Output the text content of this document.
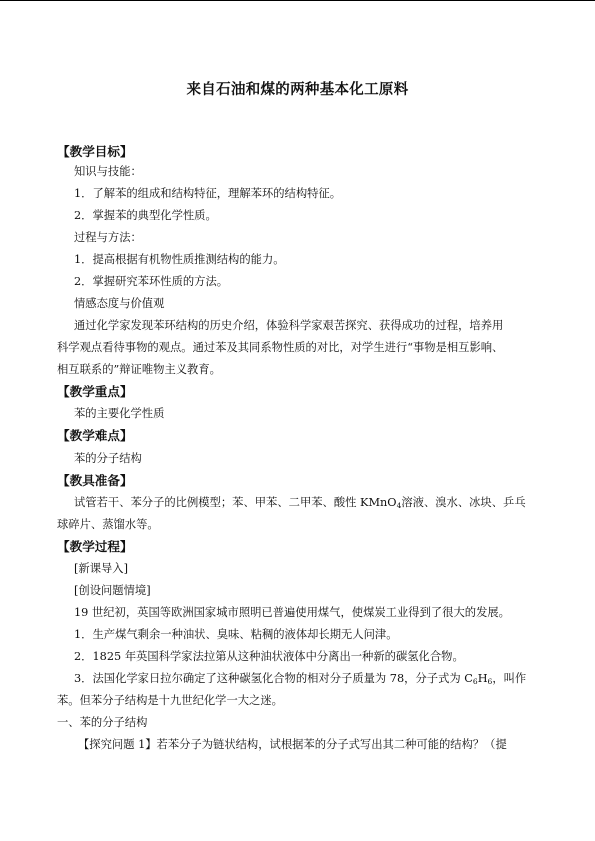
来自石油和煤的两种基本化工原料
【教学目标】
知识与技能：
1．了解苯的组成和结构特征，理解苯环的结构特征。
2．掌握苯的典型化学性质。
过程与方法：
1．提高根据有机物性质推测结构的能力。
2．掌握研究苯环性质的方法。
情感态度与价值观
通过化学家发现苯环结构的历史介绍，体验科学家艰苦探究、获得成功的过程，培养用
科学观点看待事物的观点。通过苯及其同系物性质的对比，对学生进行“事物是相互影响、
相互联系的”辩证唯物主义教育。
【教学重点】
苯的主要化学性质
【教学难点】
苯的分子结构
【教具准备】
试管若干、苯分子的比例模型；苯、甲苯、二甲苯、酸性 KMnO$_4$溶液、溴水、冰块、乒乓
球碎片、蒸馏水等。
【教学过程】
[新课导入]
[创设问题情境]
19 世纪初，英国等欧洲国家城市照明已普遍使用煤气，使煤炭工业得到了很大的发展。
1．生产煤气剩余一种油状、臭味、粘稠的液体却长期无人问津。
2．1825 年英国科学家法拉第从这种油状液体中分离出一种新的碳氢化合物。
3．法国化学家日拉尔确定了这种碳氢化合物的相对分子质量为 78，分子式为 $C_6H_6$，叫作
苯。但苯分子结构是十九世纪化学一大之迷。
一、苯的分子结构
【探究问题 1】若苯分子为链状结构，试根据苯的分子式写出其二种可能的结构？（提
